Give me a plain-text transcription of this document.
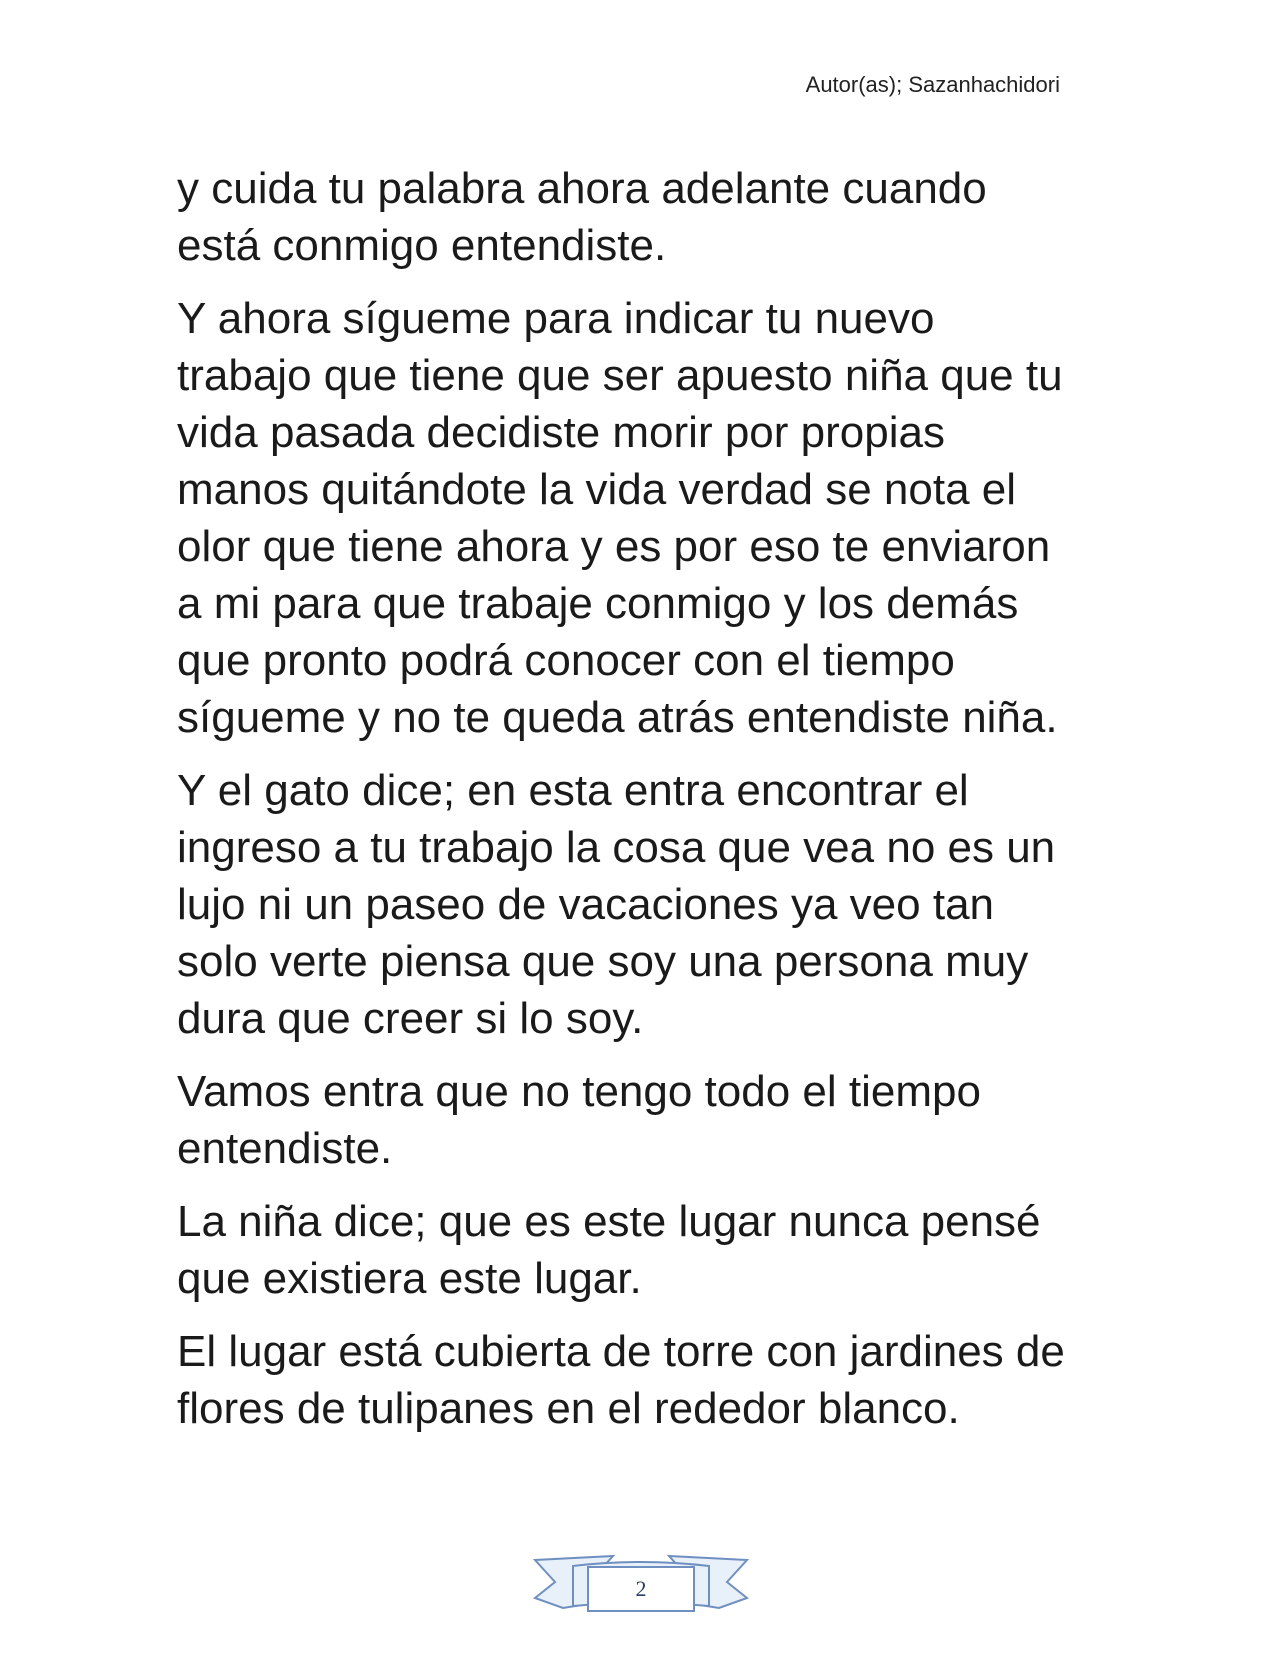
Autor(as); Sazanhachidori

y cuida tu palabra ahora adelante cuando
está conmigo entendiste.

Y ahora sígueme para indicar tu nuevo
trabajo que tiene que ser apuesto niña que tu
vida pasada decidiste morir por propias
manos quitándote la vida verdad se nota el
olor que tiene ahora y es por eso te enviaron
a mi para que trabaje conmigo y los demás
que pronto podrá conocer con el tiempo
sígueme y no te queda atrás entendiste niña.

Y el gato dice; en esta entra encontrar el
ingreso a tu trabajo la cosa que vea no es un
lujo ni un paseo de vacaciones ya veo tan
solo verte piensa que soy una persona muy
dura que creer si lo soy.

Vamos entra que no tengo todo el tiempo
entendiste.

La niña dice; que es este lugar nunca pensé
que existiera este lugar.

El lugar está cubierta de torre con jardines de
flores de tulipanes en el rededor blanco.

2
